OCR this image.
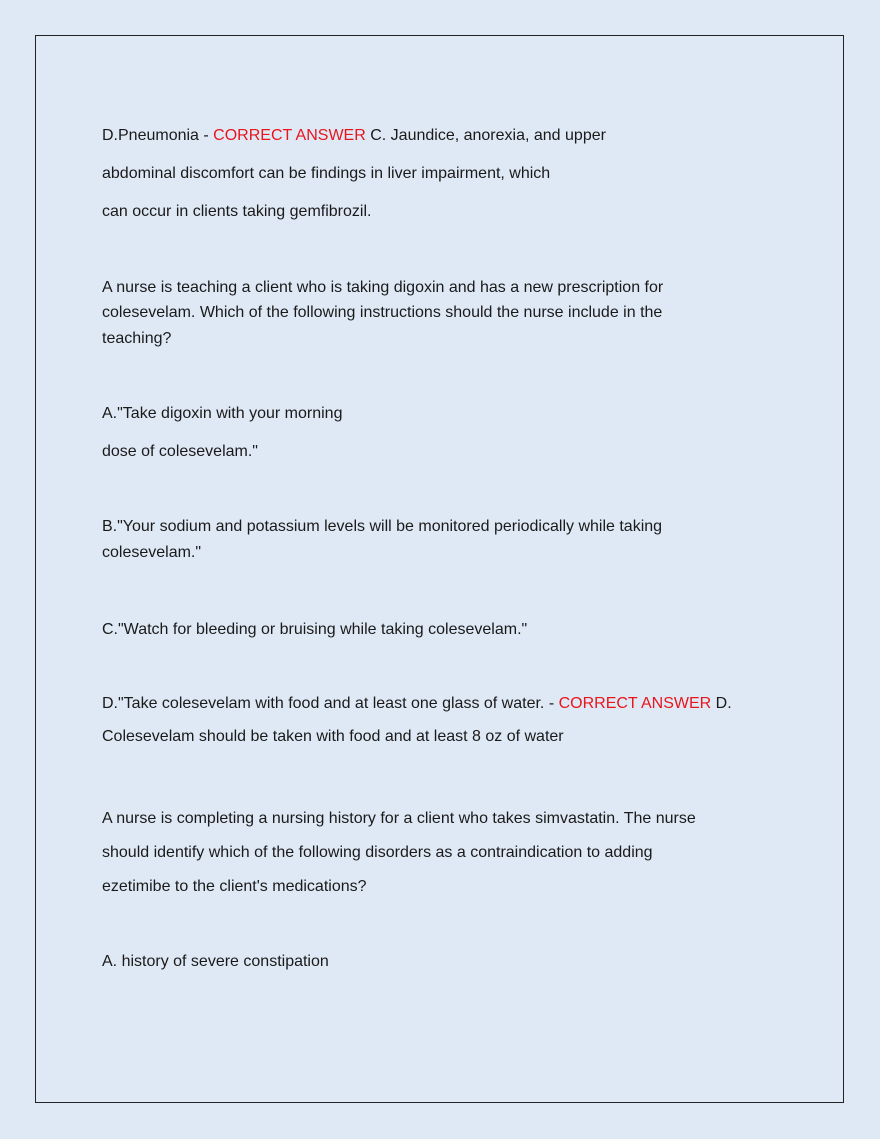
D.Pneumonia - CORRECT ANSWER C. Jaundice, anorexia, and upper
abdominal discomfort can be findings in liver impairment, which
can occur in clients taking gemfibrozil.
A nurse is teaching a client who is taking digoxin and has a new prescription for
colesevelam. Which of the following instructions should the nurse include in the
teaching?
A."Take digoxin with your morning
dose of colesevelam."
B."Your sodium and potassium levels will be monitored periodically while taking
colesevelam."
C."Watch for bleeding or bruising while taking colesevelam."
D."Take colesevelam with food and at least one glass of water. - CORRECT ANSWER D.
Colesevelam should be taken with food and at least 8 oz of water
A nurse is completing a nursing history for a client who takes simvastatin. The nurse
should identify which of the following disorders as a contraindication to adding
ezetimibe to the client's medications?
A. history of severe constipation
